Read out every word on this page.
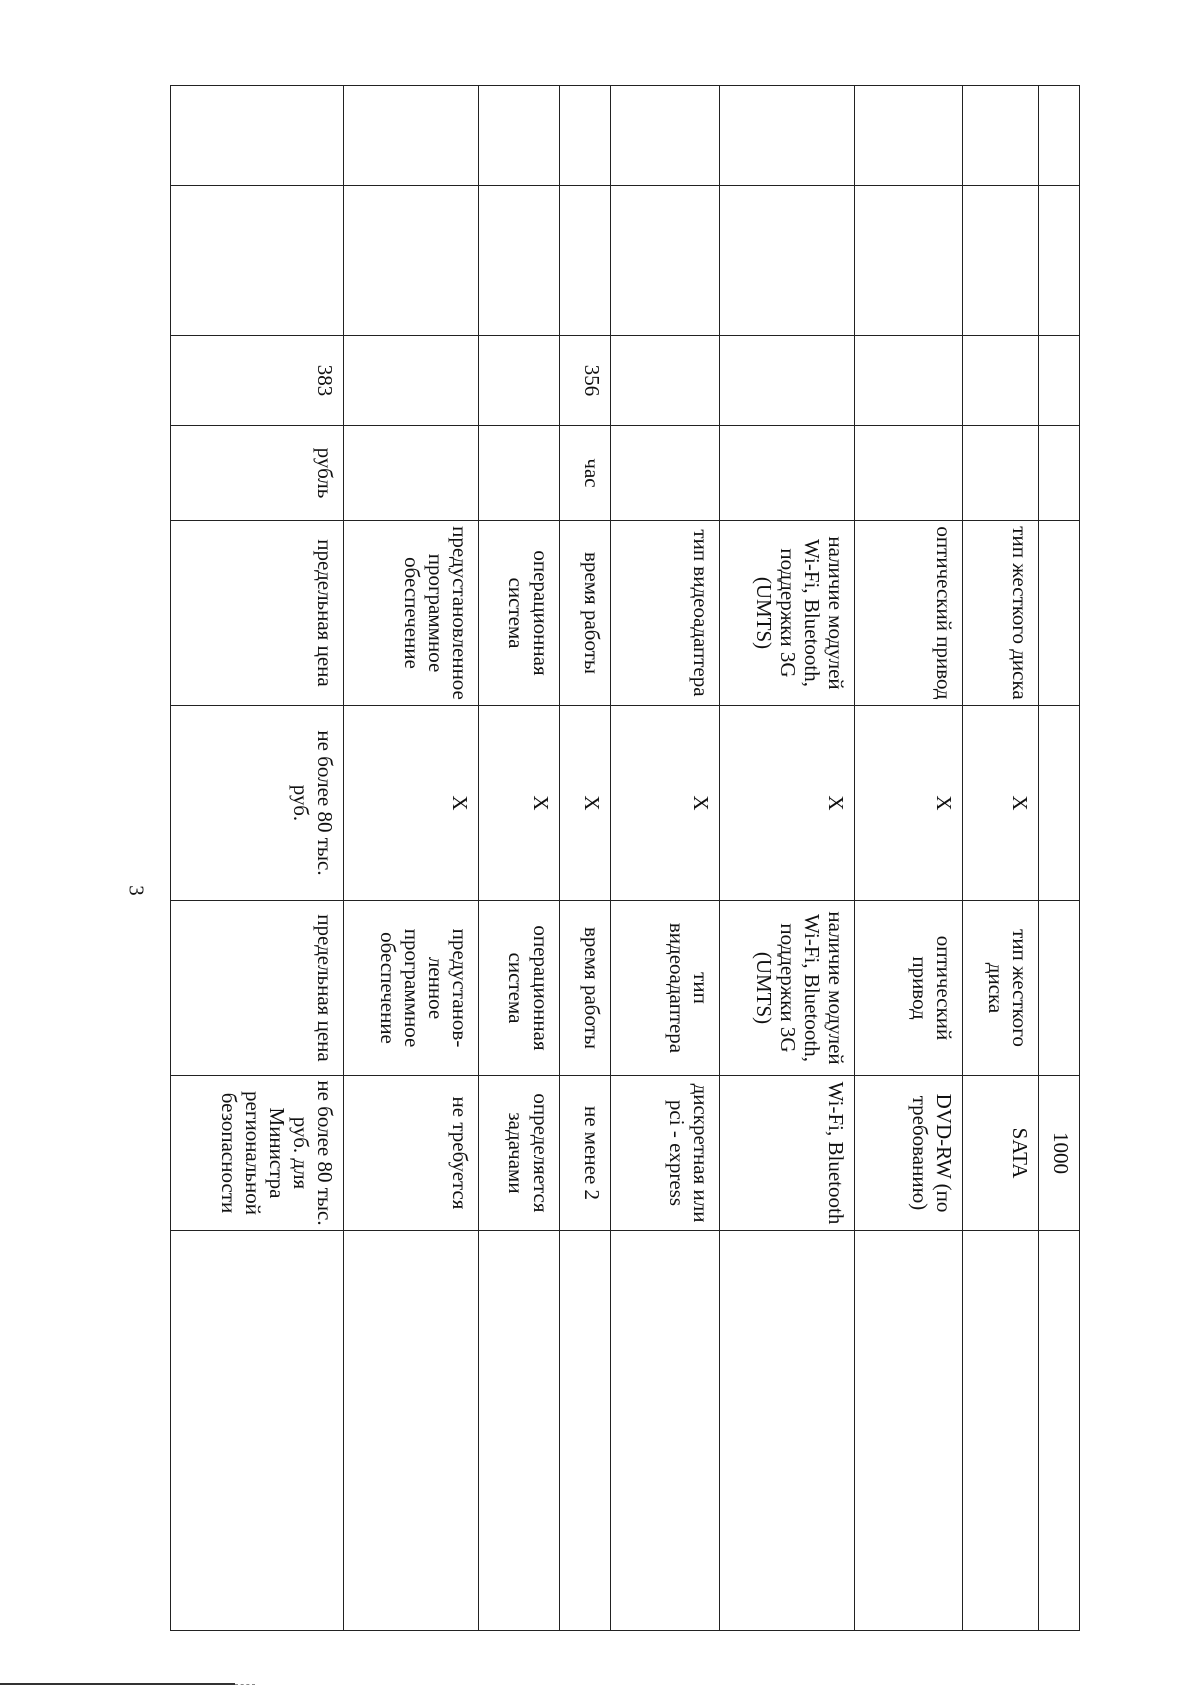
3
							1000	
				тип жесткого диска	X	тип жесткого диска	SATA	
				оптический привод	X	оптический привод	DVD-RW (по требованию)	
				наличие модулей Wi-Fi, Bluetooth, поддержки 3G (UMTS)	X	наличие модулей Wi-Fi, Bluetooth, поддержки 3G (UMTS)	Wi-Fi, Bluetooth	
				тип видеоадаптера	X	тип видеоадаптера	дискретная или pci - express	
		356	час	время работы	X	время работы	не менее 2	
				операционная система	X	операционная система	определяется задачами	
				предустановленное программное обеспечение	X	предустанов-ленное программное обеспечение	не требуется	
		383	рубль	предельная цена	не более 80 тыс. руб.	предельная цена	не более 80 тыс. руб. для Министра региональной безопасности	
